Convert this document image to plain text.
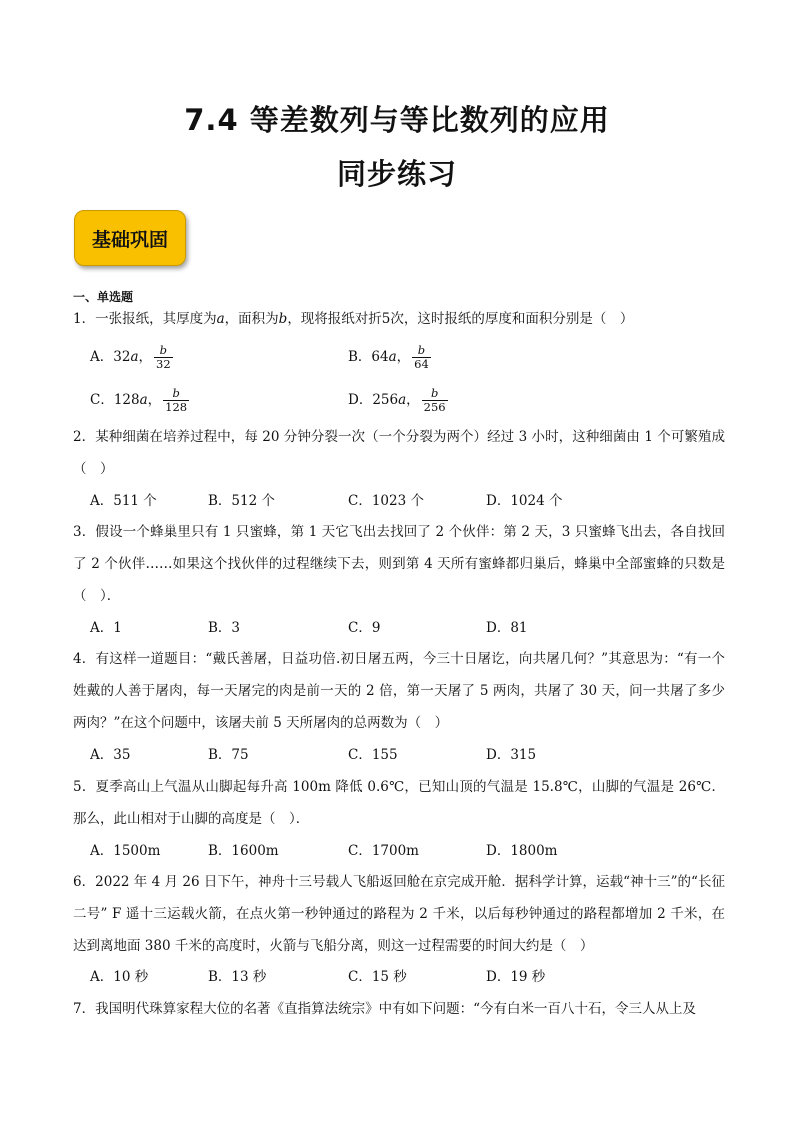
7.4 等差数列与等比数列的应用
同步练习
基础巩固
一、单选题
1．一张报纸，其厚度为a，面积为b，现将报纸对折5次，这时报纸的厚度和面积分别是（　）
A．32a， $\frac{b}{32}$	B．64a， $\frac{b}{64}$
C．128a， $\frac{b}{128}$	D．256a， $\frac{b}{256}$
2．某种细菌在培养过程中，每 20 分钟分裂一次（一个分裂为两个）经过 3 小时，这种细菌由 1 个可繁殖成（　）
A．511 个	B．512 个	C．1023 个	D．1024 个
3．假设一个蜂巢里只有 1 只蜜蜂，第 1 天它飞出去找回了 2 个伙伴：第 2 天，3 只蜜蜂飞出去，各自找回了 2 个伙伴……如果这个找伙伴的过程继续下去，则到第 4 天所有蜜蜂都归巢后，蜂巢中全部蜜蜂的只数是（　）．
A．1	B．3	C．9	D．81
4．有这样一道题目：“戴氏善屠，日益功倍.初日屠五两，今三十日屠讫，向共屠几何？”其意思为：“有一个姓戴的人善于屠肉，每一天屠完的肉是前一天的 2 倍，第一天屠了 5 两肉，共屠了 30 天，问一共屠了多少两肉？”在这个问题中，该屠夫前 5 天所屠肉的总两数为（　）
A．35	B．75	C．155	D．315
5．夏季高山上气温从山脚起每升高 100m 降低 0.6℃，已知山顶的气温是 15.8℃，山脚的气温是 26℃．那么，此山相对于山脚的高度是（　）．
A．1500m	B．1600m	C．1700m	D．1800m
6．2022 年 4 月 26 日下午，神舟十三号载人飞船返回舱在京完成开舱．据科学计算，运载“神十三”的“长征二号” F 遥十三运载火箭，在点火第一秒钟通过的路程为 2 千米，以后每秒钟通过的路程都增加 2 千米，在达到离地面 380 千米的高度时，火箭与飞船分离，则这一过程需要的时间大约是（　）
A．10 秒	B．13 秒	C．15 秒	D．19 秒
7．我国明代珠算家程大位的名著《直指算法统宗》中有如下问题：“今有白米一百八十石，令三人从上及
